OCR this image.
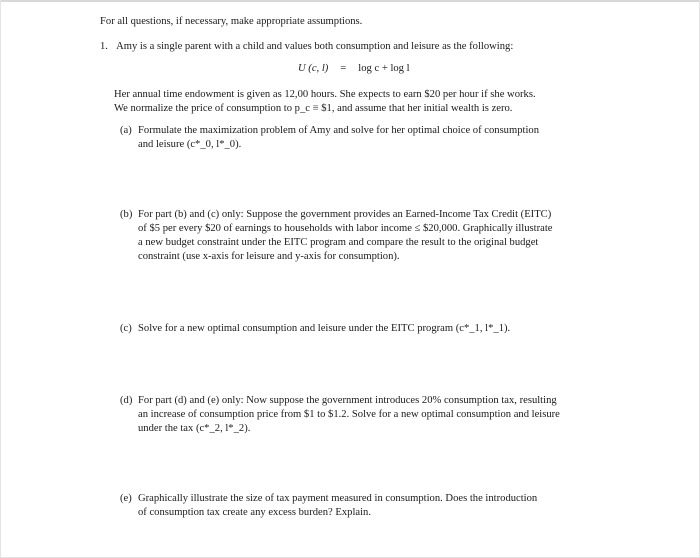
For all questions, if necessary, make appropriate assumptions.
1. Amy is a single parent with a child and values both consumption and leisure as the following:
U (c, l) = log c + log l
Her annual time endowment is given as 12,00 hours. She expects to earn $20 per hour if she works.
We normalize the price of consumption to p_c ≡ $1, and assume that her initial wealth is zero.
(a) Formulate the maximization problem of Amy and solve for her optimal choice of consumption
and leisure (c*_0, l*_0).
(b) For part (b) and (c) only: Suppose the government provides an Earned-Income Tax Credit (EITC)
of $5 per every $20 of earnings to households with labor income ≤ $20,000. Graphically illustrate
a new budget constraint under the EITC program and compare the result to the original budget
constraint (use x-axis for leisure and y-axis for consumption).
(c) Solve for a new optimal consumption and leisure under the EITC program (c*_1, l*_1).
(d) For part (d) and (e) only: Now suppose the government introduces 20% consumption tax, resulting
an increase of consumption price from $1 to $1.2. Solve for a new optimal consumption and leisure
under the tax (c*_2, l*_2).
(e) Graphically illustrate the size of tax payment measured in consumption. Does the introduction
of consumption tax create any excess burden? Explain.
